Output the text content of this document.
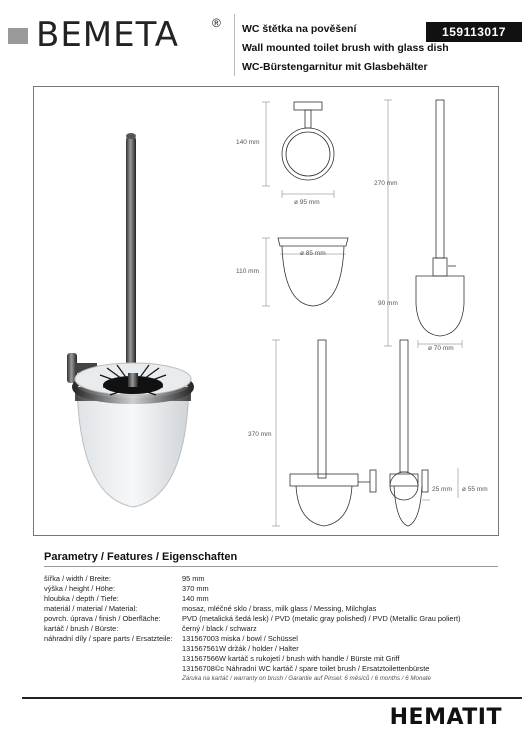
BEMETA	® WC štětka na pověšení
Wall mounted toilet brush with glass dish
WC-Bürstengarnitur mit Glasbehälter
159113017
140 mm
ø 95 mm
270 mm
ø 85 mm
110 mm
90 mm
ø 70 mm
370 mm
25 mm ø 55 mm
Parametry / Features / Eigenschaften
šířka / width / Breite:	95 mm
výška / height / Höhe:	370 mm
hloubka / depth / Tiefe:	140 mm
materiál / material / Material:	mosaz, mléčné sklo / brass, milk glass / Messing, Milchglas
povrch. úprava / finish / Oberfläche:	PVD (metalická šedá lesk) / PVD (metalic gray polished) / PVD (Metallic Grau poliert)
kartáč / brush / Bürste:	černý / black / schwarz
náhradní díly / spare parts / Ersatzteile: 131567003 miska / bowl / Schüssel
131567561W držák / holder / Halter
131567566W kartáč s rukojetí / brush with handle / Bürste mit Griff
13156708©c Náhradní WC kartáč / spare toilet brush / Ersatztoilettenbürste
Záruka na kartáč / warranty on brush / Garantie auf Pinsel: 6 měsíců / 6 months / 6 Monate
HEMATIT
